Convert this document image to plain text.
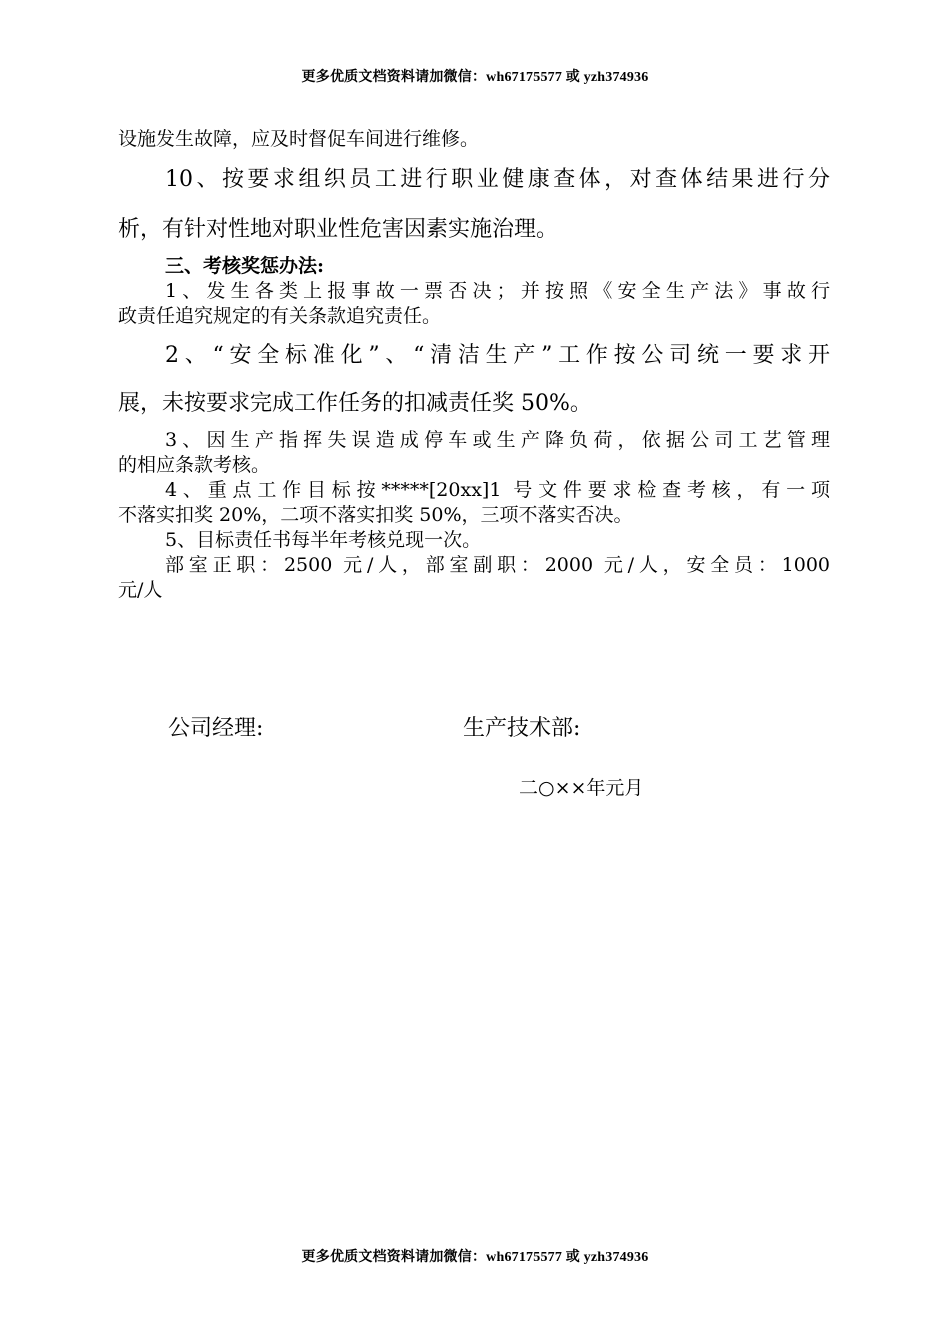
更多优质文档资料请加微信：wh67175577 或 yzh374936
设施发生故障，应及时督促车间进行维修。
10、按要求组织员工进行职业健康查体，对查体结果进行分
析，有针对性地对职业性危害因素实施治理。
三、考核奖惩办法:
1、发生各类上报事故一票否决；并按照《安全生产法》事故行
政责任追究规定的有关条款追究责任。
2、“安全标准化”、“清洁生产”工作按公司统一要求开
展，未按要求完成工作任务的扣减责任奖 50%。
3、因生产指挥失误造成停车或生产降负荷，依据公司工艺管理
的相应条款考核。
4、重点工作目标按*****[20xx]1 号文件要求检查考核，有一项
不落实扣奖 20%，二项不落实扣奖 50%，三项不落实否决。
5、目标责任书每半年考核兑现一次。
部室正职：2500 元/人，部室副职：2000 元/人，安全员：1000
元/人
公司经理:	生产技术部:
二○××年元月
更多优质文档资料请加微信：wh67175577 或 yzh374936
